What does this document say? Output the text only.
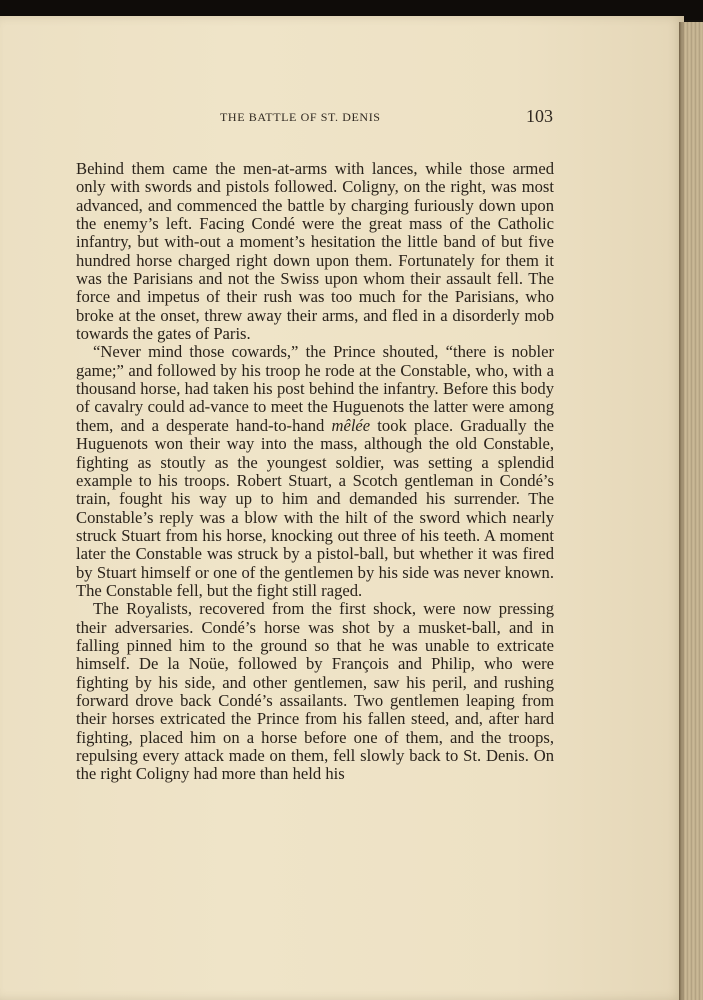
THE BATTLE OF ST. DENIS	103

Behind them came the men-at-arms with lances, while those armed only with swords and pistols followed. Coligny, on the right, was most advanced, and commenced the battle by charging furiously down upon the enemy’s left. Facing Condé were the great mass of the Catholic infantry, but with-out a moment’s hesitation the little band of but five hundred horse charged right down upon them. Fortunately for them it was the Parisians and not the Swiss upon whom their assault fell. The force and impetus of their rush was too much for the Parisians, who broke at the onset, threw away their arms, and fled in a disorderly mob towards the gates of Paris.

“Never mind those cowards,” the Prince shouted, “there is nobler game;” and followed by his troop he rode at the Constable, who, with a thousand horse, had taken his post behind the infantry. Before this body of cavalry could ad-vance to meet the Huguenots the latter were among them, and a desperate hand-to-hand mêlée took place. Gradually the Huguenots won their way into the mass, although the old Constable, fighting as stoutly as the youngest soldier, was setting a splendid example to his troops. Robert Stuart, a Scotch gentleman in Condé’s train, fought his way up to him and demanded his surrender. The Constable’s reply was a blow with the hilt of the sword which nearly struck Stuart from his horse, knocking out three of his teeth. A moment later the Constable was struck by a pistol-ball, but whether it was fired by Stuart himself or one of the gentlemen by his side was never known. The Constable fell, but the fight still raged.

The Royalists, recovered from the first shock, were now pressing their adversaries. Condé’s horse was shot by a musket-ball, and in falling pinned him to the ground so that he was unable to extricate himself. De la Noüe, followed by François and Philip, who were fighting by his side, and other gentlemen, saw his peril, and rushing forward drove back Condé’s assailants. Two gentlemen leaping from their horses extricated the Prince from his fallen steed, and, after hard fighting, placed him on a horse before one of them, and the troops, repulsing every attack made on them, fell slowly back to St. Denis. On the right Coligny had more than held his
